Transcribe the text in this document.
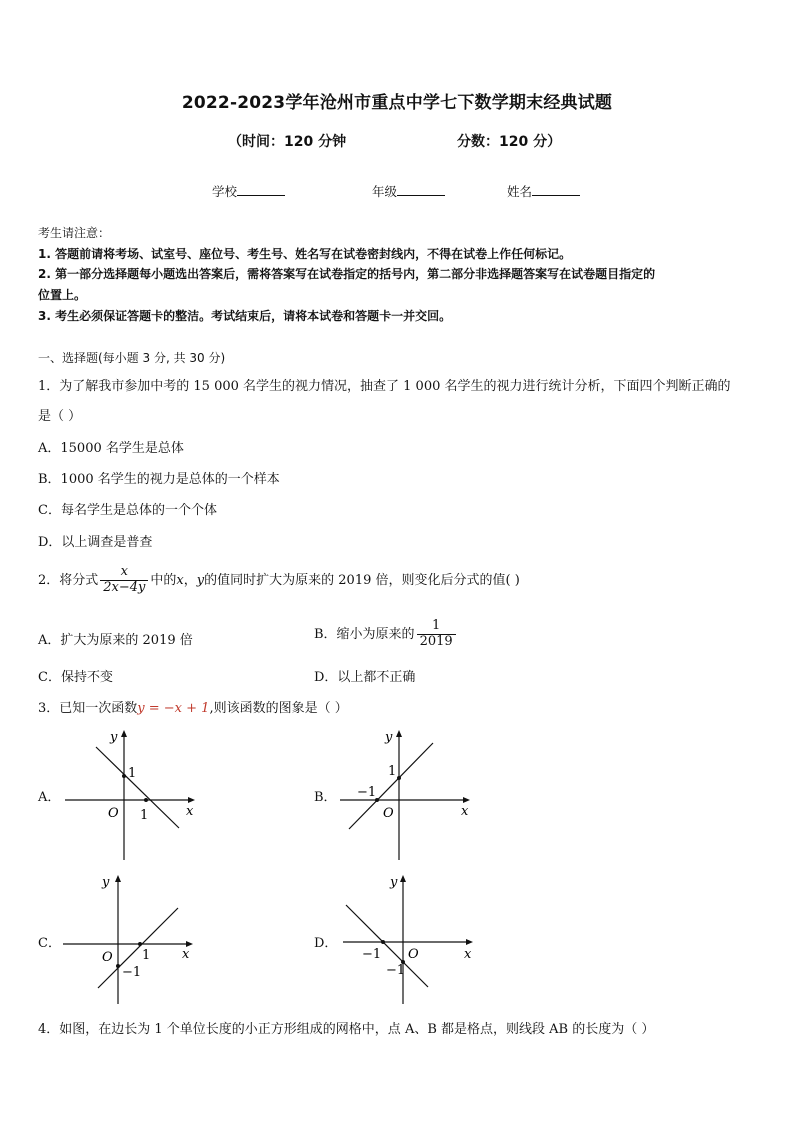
2022-2023学年沧州市重点中学七下数学期末经典试题
（时间：120 分钟	分数：120 分）
学校	年级	姓名
考生请注意：
1. 答题前请将考场、试室号、座位号、考生号、姓名写在试卷密封线内，不得在试卷上作任何标记。
2. 第一部分选择题每小题选出答案后，需将答案写在试卷指定的括号内，第二部分非选择题答案写在试卷题目指定的
位置上。
3. 考生必须保证答题卡的整洁。考试结束后，请将本试卷和答题卡一并交回。
一、选择题(每小题 3 分, 共 30 分)
1．为了解我市参加中考的 15 000 名学生的视力情况，抽查了 1 000 名学生的视力进行统计分析，下面四个判断正确的
是（ ）
A．15000 名学生是总体
B．1000 名学生的视力是总体的一个样本
C．每名学生是总体的一个个体
D．以上调查是普查
2．将分式 $\frac{x}{2x-4y}$ 中的x，y的值同时扩大为原来的 2019 倍，则变化后分式的值( )
A．扩大为原来的 2019 倍	B．缩小为原来的 $\frac{1}{2019}$
C．保持不变	D．以上都不正确
3．已知一次函数y = −x + 1,则该函数的图象是（ ）
A．	B．
C．	D．
y
x
O
1
1
y
x
O
1
−1
y
x
O 1
−1
y
x
O
−1
−1
4．如图，在边长为 1 个单位长度的小正方形组成的网格中，点 A、B 都是格点，则线段 AB 的长度为（ ）
